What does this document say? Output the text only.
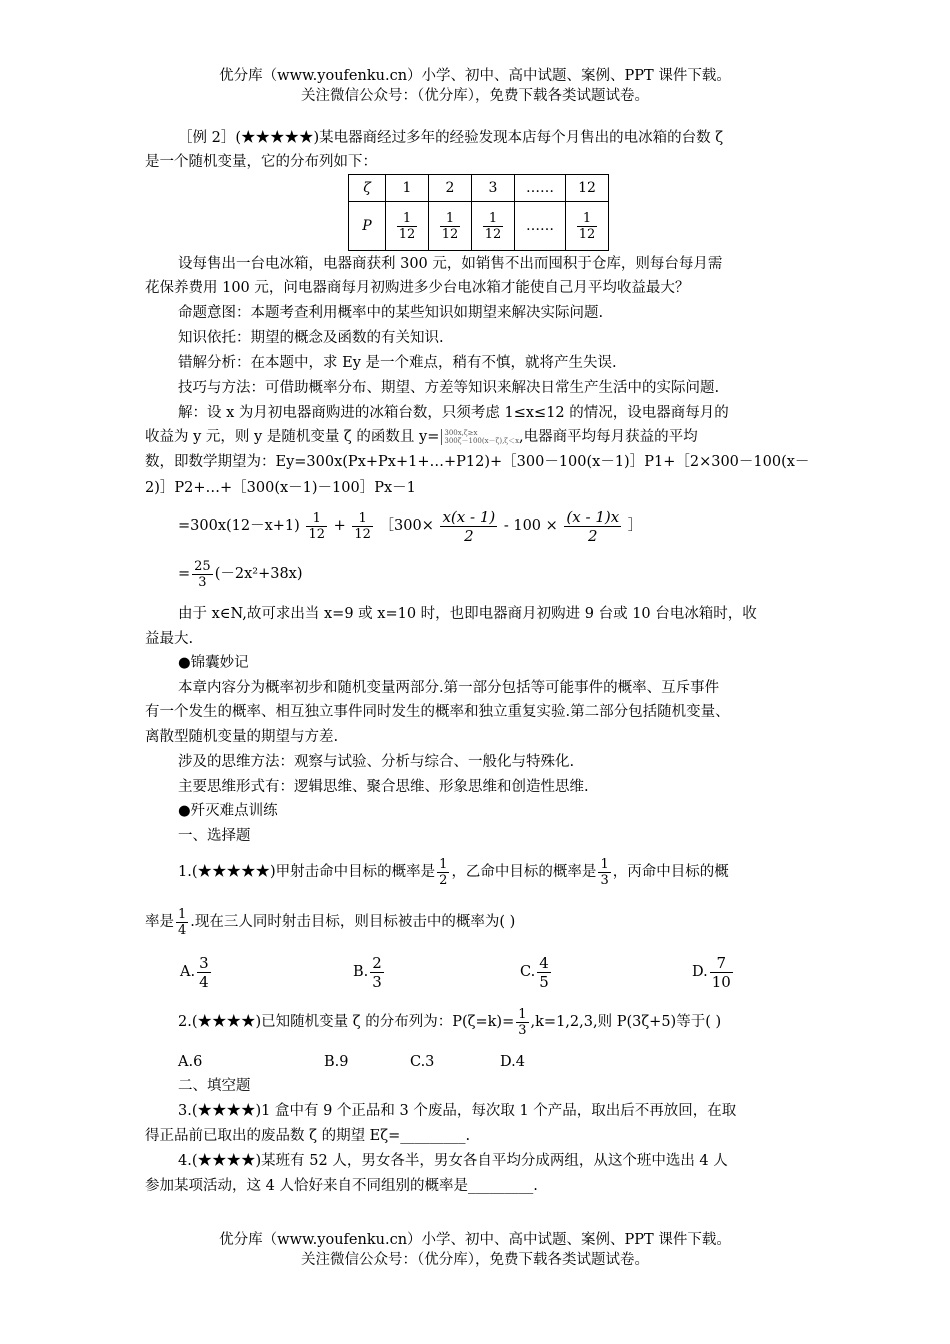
优分库（www.youfenku.cn）小学、初中、高中试题、案例、PPT 课件下载。
关注微信公众号：（优分库），免费下载各类试题试卷。
［例 2］(★★★★★)某电器商经过多年的经验发现本店每个月售出的电冰箱的台数 ζ
是一个随机变量，它的分布列如下：
ζ	1	2	3	……	12
P	$\frac{1}{12}$	$\frac{1}{12}$	$\frac{1}{12}$	……	$\frac{1}{12}$
设每售出一台电冰箱，电器商获利 300 元，如销售不出而囤积于仓库，则每台每月需
花保养费用 100 元，问电器商每月初购进多少台电冰箱才能使自己月平均收益最大？
命题意图：本题考查利用概率中的某些知识如期望来解决实际问题.
知识依托：期望的概念及函数的有关知识.
错解分析：在本题中，求 Ey 是一个难点，稍有不慎，就将产生失误.
技巧与方法：可借助概率分布、期望、方差等知识来解决日常生产生活中的实际问题.
解：设 x 为月初电器商购进的冰箱台数，只须考虑 1≤x≤12 的情况，设电器商每月的
收益为 y 元，则 y 是随机变量 ζ 的函数且 y= 300x,ζ≥x
300ζ－100(x－ζ),ζ＜x ,电器商平均每月获益的平均
数，即数学期望为：Ey=300x(Px+Px+1+…+P12)+［300－100(x－1)］P1+［2×300－100(x－
2)］P2+…+［300(x－1)－100］Px－1
$=300x(12-x+1) \frac{1}{12} + \frac{1}{12}$ ［300× $\frac{x(x - 1)}{2} - 100 \times \frac{(x - 1)x}{2}$ ］
= $\frac{25}{3} (-2x^2+38x)$
由于 x∈N,故可求出当 x=9 或 x=10 时，也即电器商月初购进 9 台或 10 台电冰箱时，收
益最大.
●锦囊妙记
本章内容分为概率初步和随机变量两部分.第一部分包括等可能事件的概率、互斥事件
有一个发生的概率、相互独立事件同时发生的概率和独立重复实验.第二部分包括随机变量、
离散型随机变量的期望与方差.
涉及的思维方法：观察与试验、分析与综合、一般化与特殊化.
主要思维形式有：逻辑思维、聚合思维、形象思维和创造性思维.
●歼灭难点训练
一、选择题
1.(★★★★★)甲射击命中目标的概率是 $\frac{1}{2}$ ，乙命中目标的概率是 $\frac{1}{3}$ ，丙命中目标的概
率是 $\frac{1}{4}$ .现在三人同时射击目标，则目标被击中的概率为( )
A. $\frac{3}{4}$	B. $\frac{2}{3}$	C. $\frac{4}{5}$	D. $\frac{7}{10}$
2.(★★★★)已知随机变量 ζ 的分布列为：$P(\zeta=k)= \frac{1}{3} ,k=1,2,3$,则 P(3ζ+5)等于( )
A.6	B.9	C.3	D.4
二、填空题
3.(★★★★)1 盒中有 9 个正品和 3 个废品，每次取 1 个产品，取出后不再放回，在取
得正品前已取出的废品数 ζ 的期望 Eζ=_________.
4.(★★★★)某班有 52 人，男女各半，男女各自平均分成两组，从这个班中选出 4 人
参加某项活动，这 4 人恰好来自不同组别的概率是_________.
优分库（www.youfenku.cn）小学、初中、高中试题、案例、PPT 课件下载。
关注微信公众号：（优分库），免费下载各类试题试卷。
